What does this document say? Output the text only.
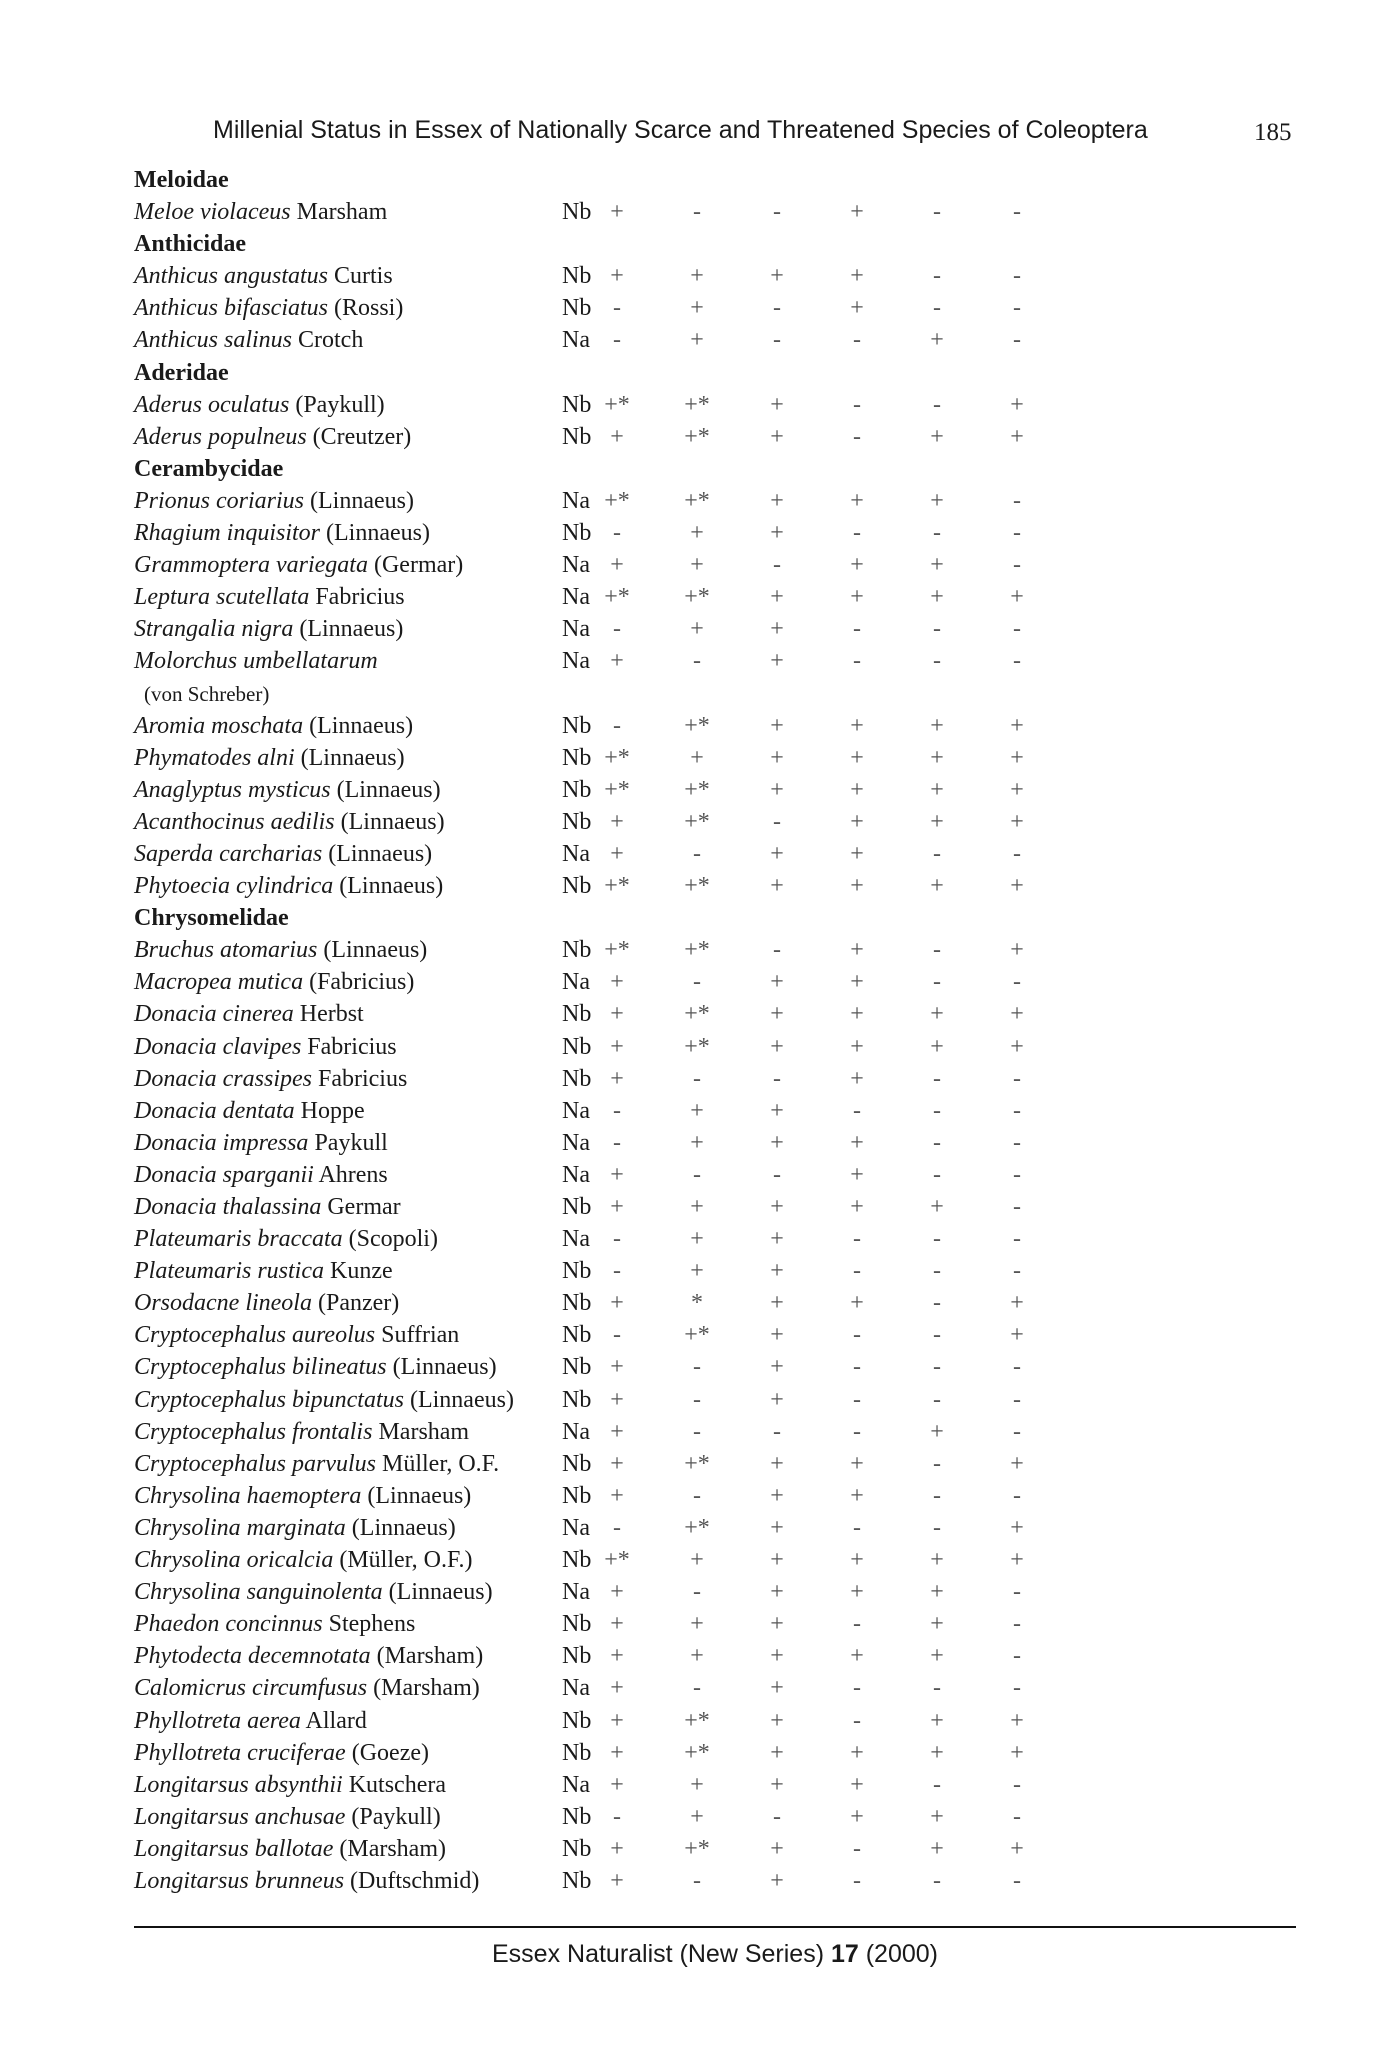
Millenial Status in Essex of Nationally Scarce and Threatened Species of Coleoptera	185
Meloidae
Meloe violaceus Marsham	Nb +	-	-	+	-	-
Anthicidae
Anthicus angustatus Curtis	Nb +	+	+	+	-	-
Anthicus bifasciatus (Rossi)	Nb -	+	-	+	-	-
Anthicus salinus Crotch	Na -	+	-	-	+	-
Aderidae
Aderus oculatus (Paykull)	Nb +*	+*	+	-	-	+
Aderus populneus (Creutzer)	Nb +	+*	+	-	+	+
Cerambycidae
Prionus coriarius (Linnaeus)	Na +*	+*	+	+	+	-
Rhagium inquisitor (Linnaeus)	Nb -	+	+	-	-	-
Grammoptera variegata (Germar)	Na +	+	-	+	+	-
Leptura scutellata Fabricius	Na +*	+*	+	+	+	+
Strangalia nigra (Linnaeus)	Na -	+	+	-	-	-
Molorchus umbellatarum	Na +	-	+	-	-	-
(von Schreber)
Aromia moschata (Linnaeus)	Nb -	+*	+	+	+	+
Phymatodes alni (Linnaeus)	Nb +*	+	+	+	+	+
Anaglyptus mysticus (Linnaeus)	Nb +*	+*	+	+	+	+
Acanthocinus aedilis (Linnaeus)	Nb +	+*	-	+	+	+
Saperda carcharias (Linnaeus)	Na +	-	+	+	-	-
Phytoecia cylindrica (Linnaeus)	Nb +*	+*	+	+	+	+
Chrysomelidae
Bruchus atomarius (Linnaeus)	Nb +*	+*	-	+	-	+
Macropea mutica (Fabricius)	Na +	-	+	+	-	-
Donacia cinerea Herbst	Nb +	+*	+	+	+	+
Donacia clavipes Fabricius	Nb +	+*	+	+	+	+
Donacia crassipes Fabricius	Nb +	-	-	+	-	-
Donacia dentata Hoppe	Na -	+	+	-	-	-
Donacia impressa Paykull	Na -	+	+	+	-	-
Donacia sparganii Ahrens	Na +	-	-	+	-	-
Donacia thalassina Germar	Nb +	+	+	+	+	-
Plateumaris braccata (Scopoli)	Na -	+	+	-	-	-
Plateumaris rustica Kunze	Nb -	+	+	-	-	-
Orsodacne lineola (Panzer)	Nb +	*	+	+	-	+
Cryptocephalus aureolus Suffrian	Nb -	+*	+	-	-	+
Cryptocephalus bilineatus (Linnaeus)	Nb +	-	+	-	-	-
Cryptocephalus bipunctatus (Linnaeus) Nb +	-	+	-	-	-
Cryptocephalus frontalis Marsham	Na +	-	-	-	+	-
Cryptocephalus parvulus Müller, O.F.	Nb +	+*	+	+	-	+
Chrysolina haemoptera (Linnaeus)	Nb +	-	+	+	-	-
Chrysolina marginata (Linnaeus)	Na -	+*	+	-	-	+
Chrysolina oricalcia (Müller, O.F.)	Nb +*	+	+	+	+	+
Chrysolina sanguinolenta (Linnaeus)	Na +	-	+	+	+	-
Phaedon concinnus Stephens	Nb +	+	+	-	+	-
Phytodecta decemnotata (Marsham)	Nb +	+	+	+	+	-
Calomicrus circumfusus (Marsham)	Na +	-	+	-	-	-
Phyllotreta aerea Allard	Nb +	+*	+	-	+	+
Phyllotreta cruciferae (Goeze)	Nb +	+*	+	+	+	+
Longitarsus absynthii Kutschera	Na +	+	+	+	-	-
Longitarsus anchusae (Paykull)	Nb -	+	-	+	+	-
Longitarsus ballotae (Marsham)	Nb +	+*	+	-	+	+
Longitarsus brunneus (Duftschmid)	Nb +	-	+	-	-	-
Essex Naturalist (New Series) 17 (2000)
